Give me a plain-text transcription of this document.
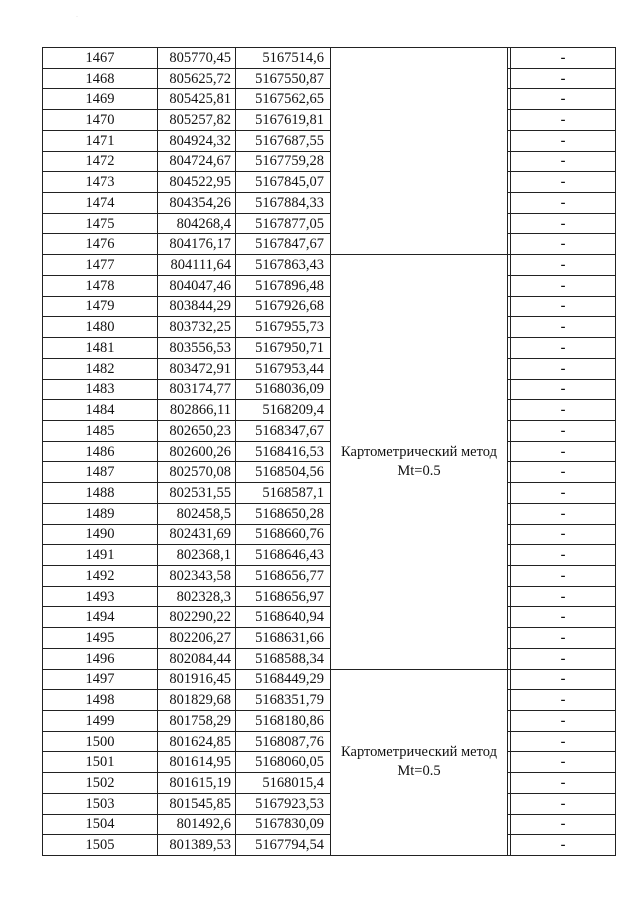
·
1467	805770,45	5167514,6			-
1468	805625,72	5167550,87			-
1469	805425,81	5167562,65			-
1470	805257,82	5167619,81			-
1471	804924,32	5167687,55			-
1472	804724,67	5167759,28			-
1473	804522,95	5167845,07			-
1474	804354,26	5167884,33			-
1475	804268,4	5167877,05			-
1476	804176,17	5167847,67			-
1477	804111,64	5167863,43	Картометрический метод Mt=0.5		-
1478	804047,46	5167896,48			-
1479	803844,29	5167926,68			-
1480	803732,25	5167955,73			-
1481	803556,53	5167950,71			-
1482	803472,91	5167953,44			-
1483	803174,77	5168036,09			-
1484	802866,11	5168209,4			-
1485	802650,23	5168347,67			-
1486	802600,26	5168416,53			-
1487	802570,08	5168504,56			-
1488	802531,55	5168587,1			-
1489	802458,5	5168650,28			-
1490	802431,69	5168660,76			-
1491	802368,1	5168646,43			-
1492	802343,58	5168656,77			-
1493	802328,3	5168656,97			-
1494	802290,22	5168640,94			-
1495	802206,27	5168631,66			-
1496	802084,44	5168588,34			-
1497	801916,45	5168449,29	Картометрический метод Mt=0.5		-
1498	801829,68	5168351,79			-
1499	801758,29	5168180,86			-
1500	801624,85	5168087,76			-
1501	801614,95	5168060,05			-
1502	801615,19	5168015,4			-
1503	801545,85	5167923,53			-
1504	801492,6	5167830,09			-
1505	801389,53	5167794,54			-
